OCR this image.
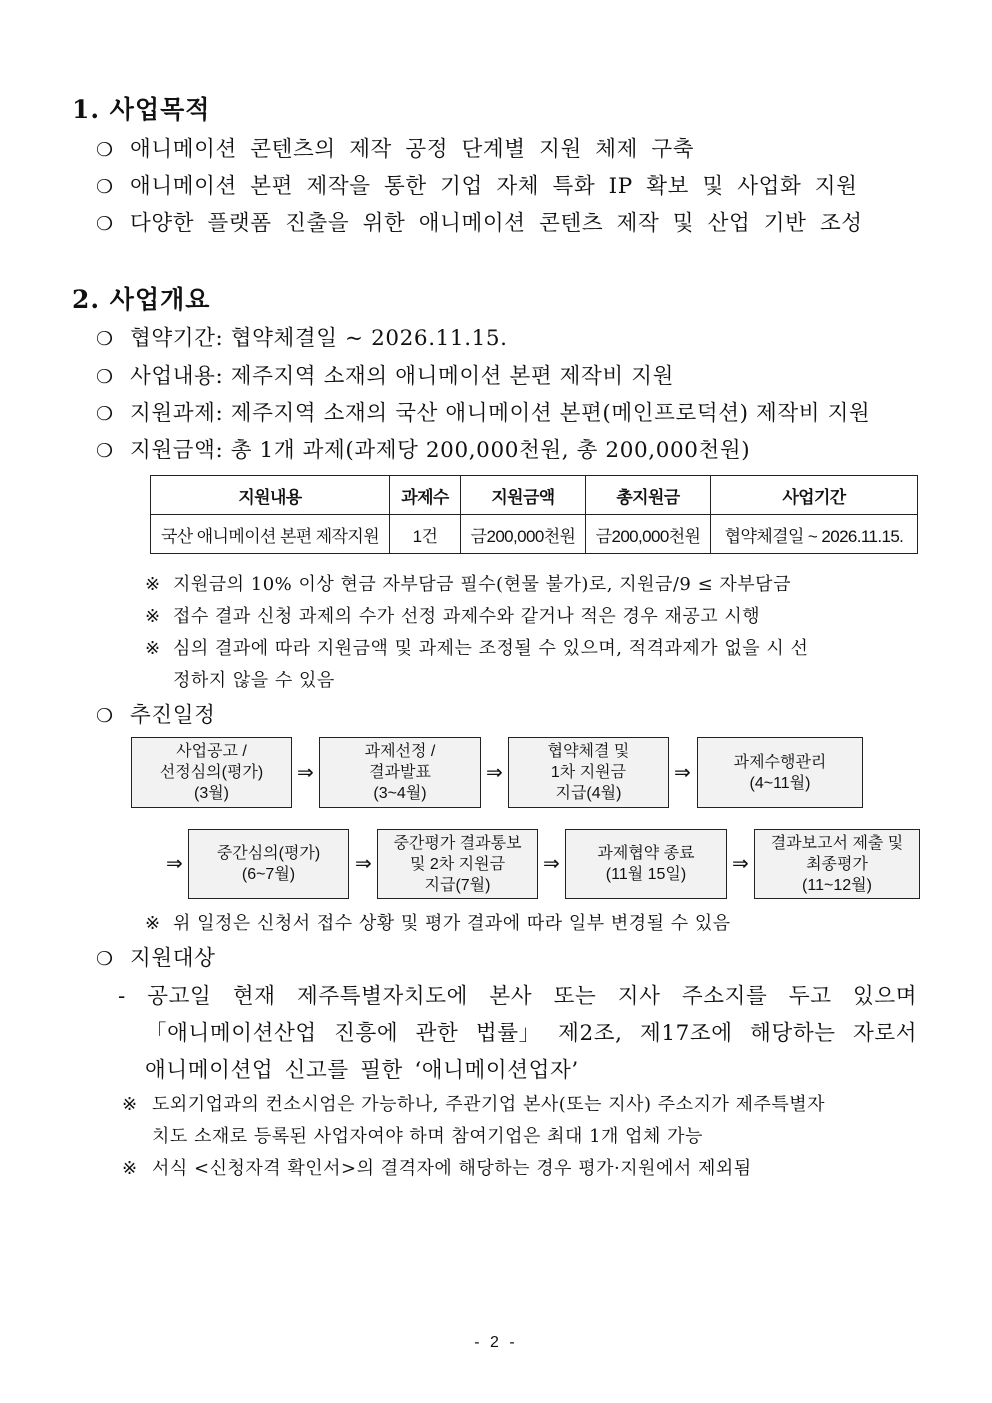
1. 사업목적
❍ 애니메이션 콘텐츠의 제작 공정 단계별 지원 체제 구축
❍ 애니메이션 본편 제작을 통한 기업 자체 특화 IP 확보 및 사업화 지원
❍ 다양한 플랫폼 진출을 위한 애니메이션 콘텐츠 제작 및 산업 기반 조성
2. 사업개요
❍ 협약기간: 협약체결일 ~ 2026.11.15.
❍ 사업내용: 제주지역 소재의 애니메이션 본편 제작비 지원
❍ 지원과제: 제주지역 소재의 국산 애니메이션 본편(메인프로덕션) 제작비 지원
❍ 지원금액: 총 1개 과제(과제당 200,000천원, 총 200,000천원)
지원내용	과제수	지원금액	총지원금	사업기간
국산 애니메이션 본편 제작지원	1건	금200,000천원	금200,000천원	협약체결일 ~ 2026.11.15.
※ 지원금의 10% 이상 현금 자부담금 필수(현물 불가)로, 지원금/9 ≤ 자부담금
※ 접수 결과 신청 과제의 수가 선정 과제수와 같거나 적은 경우 재공고 시행
※ 심의 결과에 따라 지원금액 및 과제는 조정될 수 있으며, 적격과제가 없을 시 선
정하지 않을 수 있음
❍ 추진일정
사업공고 /
선정심의(평가)
(3월)
⇒
과제선정 /
결과발표
(3~4월)
⇒
협약체결 및
1차 지원금
지급(4월)
⇒	과제수행관리
(4~11월)
⇒ 중간심의(평가)
(6~7월)	⇒
중간평가 결과통보
및 2차 지원금
지급(7월)
⇒ 과제협약 종료
(11월 15일)	⇒
결과보고서 제출 및
최종평가
(11~12월)
※ 위 일정은 신청서 접수 상황 및 평가 결과에 따라 일부 변경될 수 있음
❍ 지원대상
- 공고일 현재 제주특별자치도에 본사 또는 지사 주소지를 두고 있으며
「애니메이션산업 진흥에 관한 법률」 제2조, 제17조에 해당하는 자로서
애니메이션업 신고를 필한 ‘애니메이션업자’
※ 도외기업과의 컨소시엄은 가능하나, 주관기업 본사(또는 지사) 주소지가 제주특별자
치도 소재로 등록된 사업자여야 하며 참여기업은 최대 1개 업체 가능
※ 서식 <신청자격 확인서>의 결격자에 해당하는 경우 평가·지원에서 제외됨
- 2 -
